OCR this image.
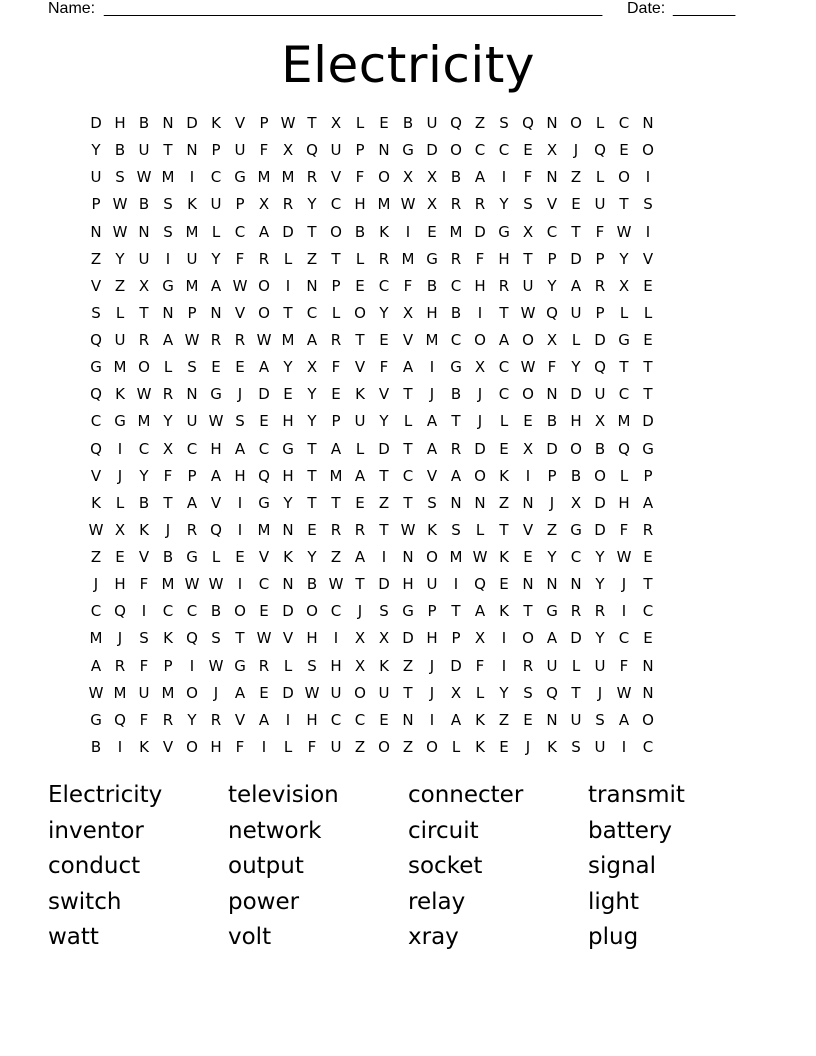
Name: ________________________________________________________ Date: _______
Electricity
D H B N D K V P W T X L	E B U Q Z S Q N O L C N
Y B U T N P U F X Q U P N G D O C C E X	J	Q E O
U S W M	I	C G M M R V F O X X B A	I	F N Z L O	I
P W B S K U P X R Y C H M W X R R Y S V E U T S
N W N S M L C A D T O B K	I	E M D G X C T	F W I
Z Y U	I	U Y	F R L Z T	L R M G R F H T P D P Y V
V Z X G M A W O	I	N P E C F B C H R U Y A R X E
S	L	T N P N V O T C L O Y X H B	I	T W Q U P	L	L
Q U R A W R R W M A R T E V M C O A O X L D G E
G M O L	S E E A Y X F V F A	I	G X C W F	Y Q T T
Q K W R N G	J	D E Y E K V T	J	B	J	C O N D U C T
C G M Y U W S E H Y P U Y	L A T	J	L	E B H X M D
Q	I	C X C H A C G T A L D T A R D E X D O B Q G
V	J	Y	F	P A H Q H T M A T C V A O K	I	P B O L	P
K L B T A V	I	G Y T T E Z T S N N Z N	J	X D H A
W X K	J	R Q	I	M N E R R T W K S	L	T V Z G D F R
Z E V B G L	E V K Y Z A	I	N O M W K E Y C Y W E
J	H F M W W I	C N B W T D H U	I	Q E N N N Y	J	T
C Q	I	C C B O E D O C	J	S G P T A K T G R R	I	C
M	J	S K Q S T W V H	I	X X D H P X	I	O A D Y C E
A R F	P	I W G R L	S H X K Z	J	D F	I	R U L U F N
W M U M O	J	A E D W U O U T	J	X L	Y S Q T	J W N
G Q F R Y R V A	I	H C C E N	I	A K Z E N U S A O
B	I	K V O H F	I	L	F U Z O Z O L K E	J	K S U	I	C
Electricity	television	connecter	transmit
inventor	network	circuit	battery
conduct	output	socket	signal
switch	power	relay	light
watt	volt	xray	plug
